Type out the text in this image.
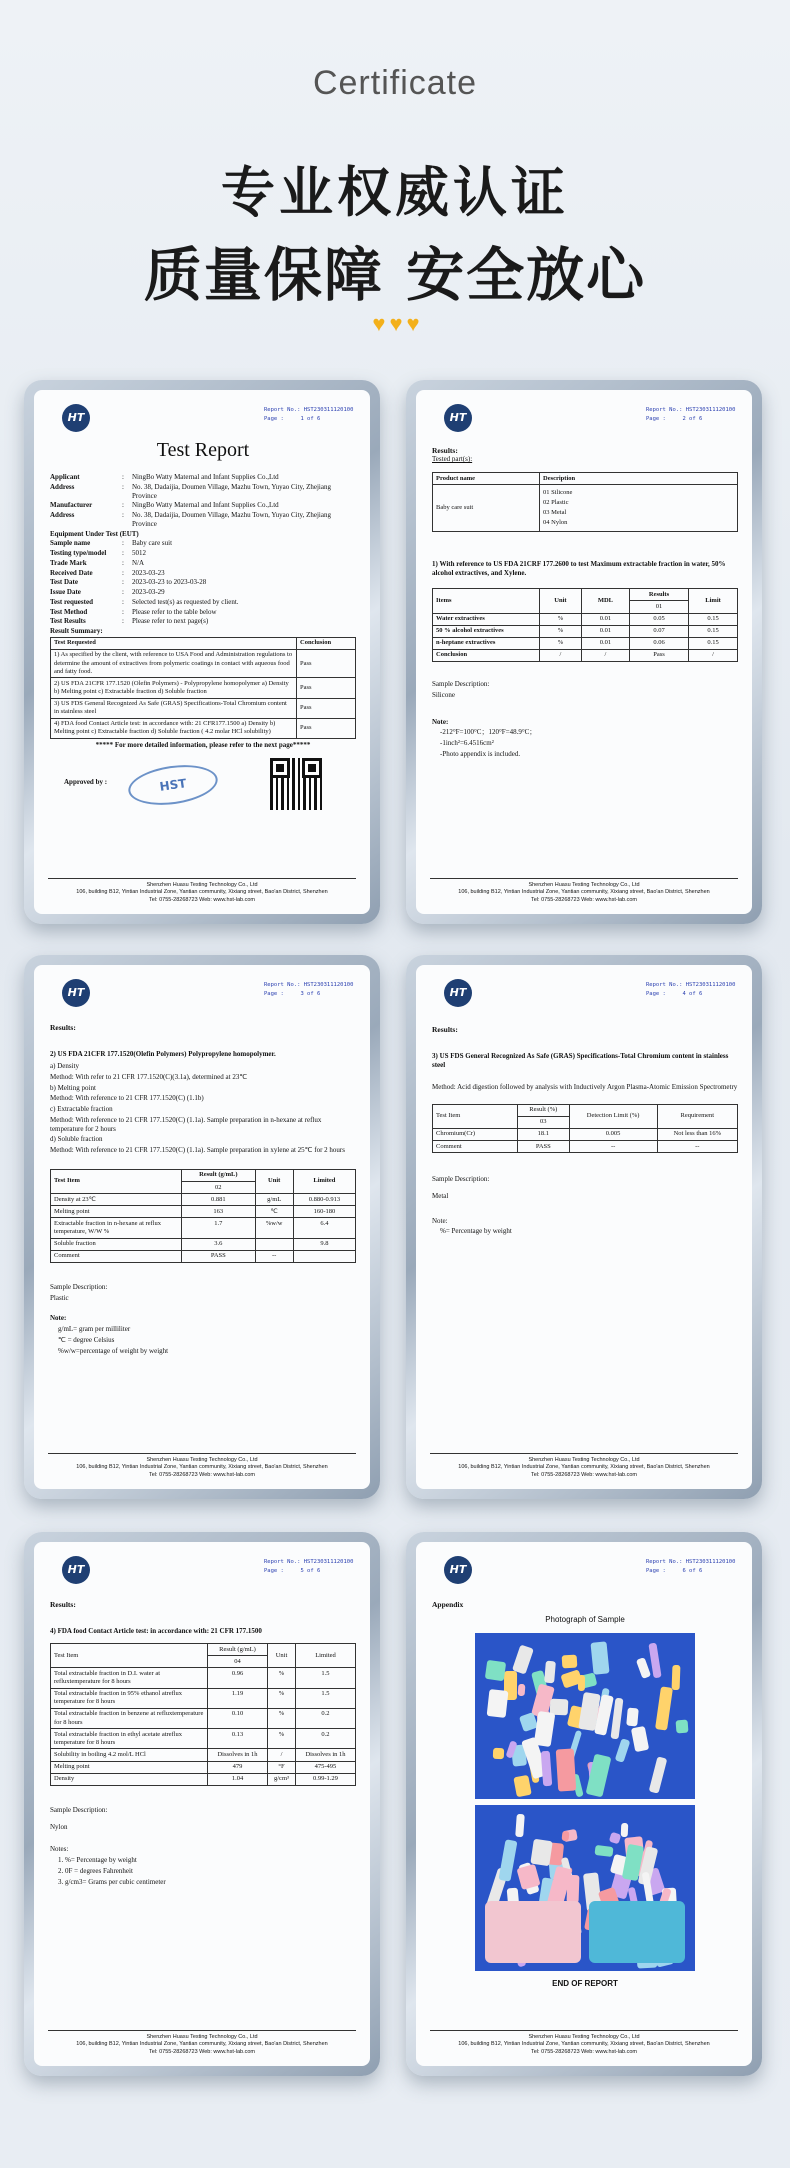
Certificate
专业权威认证
质量保障 安全放心
♥ ♥ ♥
HT
Report No.: HST230311120100
Page :	1 of 6
Test Report
Applicant	:	NingBo Watty Maternal and Infant Supplies Co.,Ltd
Address	:	No. 38, Dadaijia, Doumen Village, Mazhu Town, Yuyao City, Zhejiang Province
Manufacturer	:	NingBo Watty Maternal and Infant Supplies Co.,Ltd
Address	:	No. 38, Dadaijia, Doumen Village, Mazhu Town, Yuyao City, Zhejiang Province
Equipment Under Test (EUT)
Sample name	:	Baby care suit
Testing type/model	:	5012
Trade Mark	:	N/A
Received Date	:	2023-03-23
Test Date	:	2023-03-23 to 2023-03-28
Issue Date	:	2023-03-29
Test requested	:	Selected test(s) as requested by client.
Test Method	:	Please refer to the table below
Test Results	:	Please refer to next page(s)
Result Summary:
Test Requested	Conclusion
1) As specified by the client, with reference to USA Food and Administration regulations to determine the amount of extractives from polymeric coatings in contact with aqueous food and fatty food.	Pass
2) US FDA 21CFR 177.1520 (Olefin Polymers) - Polypropylene homopolymer a) Density b) Melting point c) Extractable fraction d) Soluble fraction	Pass
3) US FDS General Recognized As Safe (GRAS) Specifications-Total Chromium content in stainless steel	Pass
4) FDA food Contact Article test: in accordance with: 21 CFR177.1500 a) Density b) Melting point c) Extractable fraction d) Soluble fraction ( 4.2 molar HCl solubility)	Pass
***** For more detailed information, please refer to the next page*****
Approved by :	HST
Shenzhen Huasu Testing Technology Co., Ltd
106, building B12, Yintian Industrial Zone, Yantian community, Xixiang street, Bao'an District, Shenzhen
Tel: 0755-28268723 Web: www.hst-lab.com
HT
Report No.: HST230311120100
Page :	2 of 6
Results:
Tested part(s):
Product name	Description
Baby care suit	01 Silicone
02 Plastic
03 Metal
04 Nylon
1) With reference to US FDA 21CRF 177.2600 to test Maximum extractable fraction in water, 50% alcohol extractives, and Xylene.
Items	Unit	MDL	Results	Limit
			01	
Water extractives	%	0.01	0.05	0.15
50 % alcohol extractives	%	0.01	0.07	0.15
n-heptane extractives	%	0.01	0.06	0.15
Conclusion	/	/	Pass	/
Sample Description:
Silicone
Note:
-212°F=100°C；120°F=48.9°C；
-1inch²=6.4516cm²
-Photo appendix is included.
Shenzhen Huasu Testing Technology Co., Ltd
106, building B12, Yintian Industrial Zone, Yantian community, Xixiang street, Bao'an District, Shenzhen
Tel: 0755-28268723 Web: www.hst-lab.com
HT
Report No.: HST230311120100
Page :	3 of 6
Results:
2) US FDA 21CFR 177.1520(Olefin Polymers) Polypropylene homopolymer.
a) Density
Method: With refer to 21 CFR 177.1520(C)(3.1a), determined at 23℃
b) Melting point
Method: With reference to 21 CFR 177.1520(C) (1.1b)
c) Extractable fraction
Method: With reference to 21 CFR 177.1520(C) (1.1a). Sample preparation in n-hexane at reflux temperature for 2 hours
d) Soluble fraction
Method: With reference to 21 CFR 177.1520(C) (1.1a). Sample preparation in xylene at 25℃ for 2 hours
Test Item	Result (g/mL)	Unit	Limited
	02		
Density at 23℃	0.881	g/mL	0.880-0.913
Melting point	163	℃	160-180
Extractable fraction in n-hexane at reflux temperature, W/W %	1.7	%w/w	6.4
Soluble fraction	3.6		9.8
Comment	PASS	--	
Sample Description:
Plastic
Note:
g/mL= gram per milliliter
℃ = degree Celsius
%w/w=percentage of weight by weight
Shenzhen Huasu Testing Technology Co., Ltd
106, building B12, Yintian Industrial Zone, Yantian community, Xixiang street, Bao'an District, Shenzhen
Tel: 0755-28268723 Web: www.hst-lab.com
HT
Report No.: HST230311120100
Page :	4 of 6
Results:
3) US FDS General Recognized As Safe (GRAS) Specifications-Total Chromium content in stainless steel
Method: Acid digestion followed by analysis with Inductively Argon Plasma-Atomic Emission Spectrometry
Test Item	Result (%)	Detection Limit (%)	Requirement
	03		
Chromium(Cr)	18.1	0.005	Not less than 16%
Comment	PASS	--	--
Sample Description:
Metal
Note:
%= Percentage by weight
Shenzhen Huasu Testing Technology Co., Ltd
106, building B12, Yintian Industrial Zone, Yantian community, Xixiang street, Bao'an District, Shenzhen
Tel: 0755-28268723 Web: www.hst-lab.com
HT
Report No.: HST230311120100
Page :	5 of 6
Results:
4) FDA food Contact Article test: in accordance with: 21 CFR 177.1500
Test Item	Result (g/mL)	Unit	Limited
	04		
Total extractable fraction in D.I. water at refluxtemperature for 8 hours	0.96	%	1.5
Total extractable fraction in 95% ethanol atreflux temperature for 8 hours	1.19	%	1.5
Total extractable fraction in benzene at refluxtemperature for 8 hours	0.10	%	0.2
Total extractable fraction in ethyl acetate atreflux temperature for 8 hours	0.13	%	0.2
Solubility in boiling 4.2 mol/L HCl	Dissolves in 1h	/	Dissolves in 1h
Melting point	479	°F	475-495
Density	1.04	g/cm³	0.99-1.29
Sample Description:
Nylon
Notes:
1. %= Percentage by weight
2. 0F = degrees Fahrenheit
3. g/cm3= Grams per cubic centimeter
Shenzhen Huasu Testing Technology Co., Ltd
106, building B12, Yintian Industrial Zone, Yantian community, Xixiang street, Bao'an District, Shenzhen
Tel: 0755-28268723 Web: www.hst-lab.com
HT
Report No.: HST230311120100
Page :	6 of 6
Appendix
Photograph of Sample
END OF REPORT
Shenzhen Huasu Testing Technology Co., Ltd
106, building B12, Yintian Industrial Zone, Yantian community, Xixiang street, Bao'an District, Shenzhen
Tel: 0755-28268723 Web: www.hst-lab.com
